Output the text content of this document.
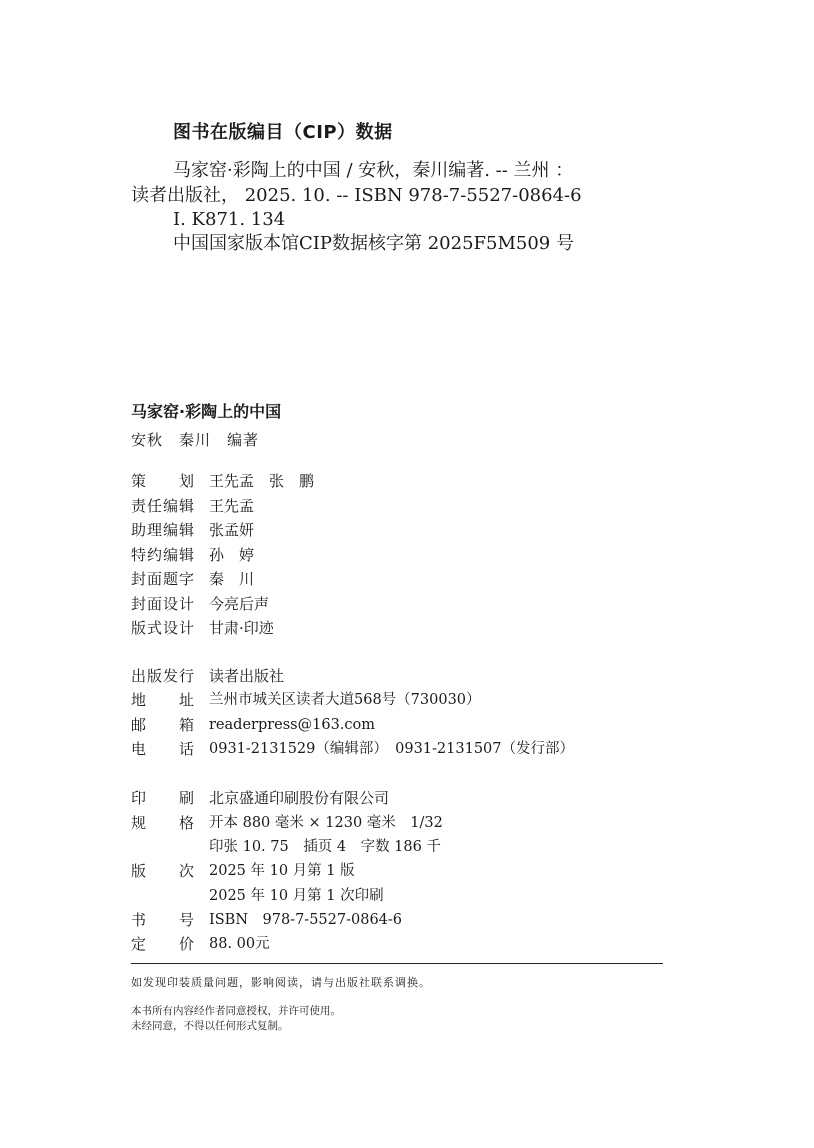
图书在版编目（CIP）数据
马家窑·彩陶上的中国 / 安秋，秦川编著. -- 兰州 ：
读者出版社， 2025. 10. -- ISBN 978-7-5527-0864-6
Ⅰ. K871. 134
中国国家版本馆CIP数据核字第 2025F5M509 号
马家窑·彩陶上的中国
安秋　秦川　编著
策划 王先孟　张　鹏
责任编辑 王先孟
助理编辑 张孟妍
特约编辑 孙　婷
封面题字 秦　川
封面设计 今亮后声
版式设计 甘肃·印迹
出版发行 读者出版社
地址 兰州市城关区读者大道568号（730030）
邮箱 readerpress@163.com
电话 0931-2131529（编辑部）　0931-2131507（发行部）
印刷 北京盛通印刷股份有限公司
规格 开本 880 毫米 × 1230 毫米　1/32
印张 10. 75　插页 4　字数 186 千
版次 2025 年 10 月第 1 版
2025 年 10 月第 1 次印刷
书号 ISBN　978-7-5527-0864-6
定价 88. 00元
如发现印装质量问题，影响阅读，请与出版社联系调换。
本书所有内容经作者同意授权，并许可使用。
未经同意，不得以任何形式复制。
